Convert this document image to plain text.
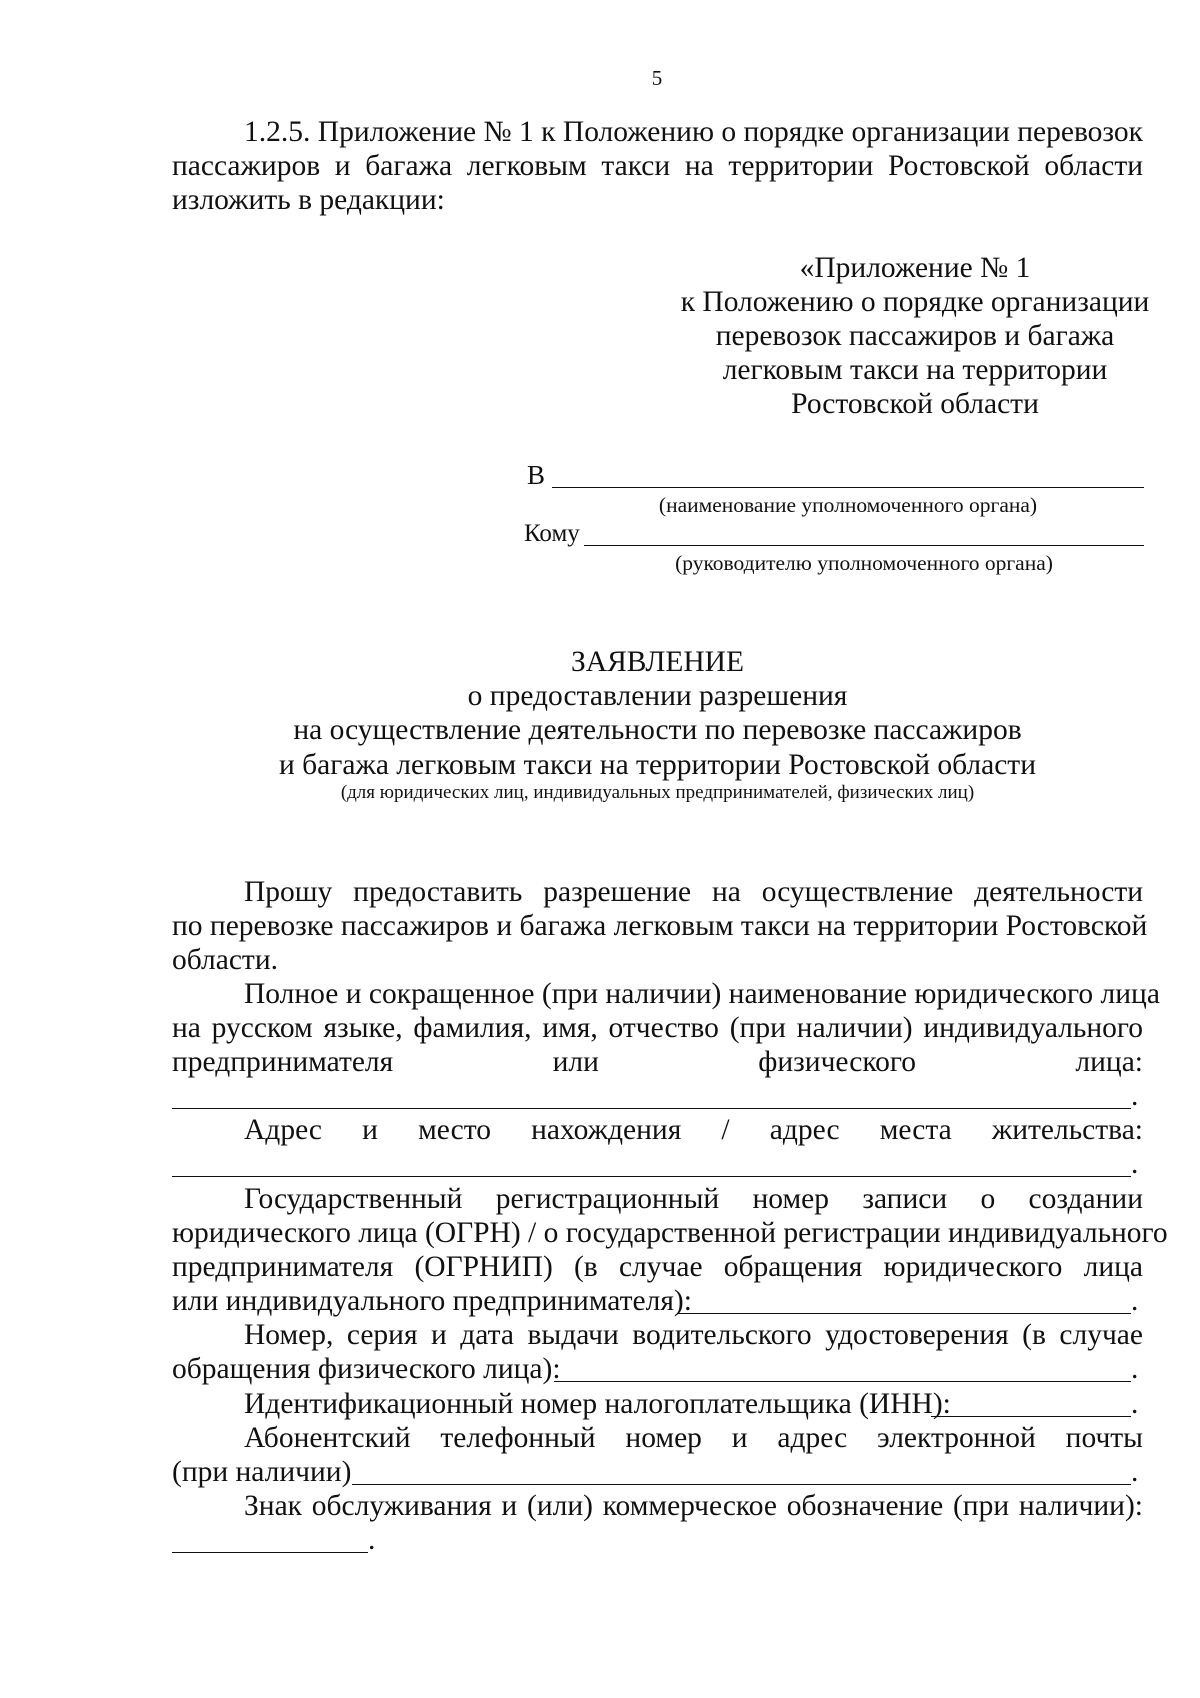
5
1.2.5. Приложение № 1 к Положению о порядке организации перевозок
пассажиров и багажа легковым такси на территории Ростовской области
изложить в редакции:
«Приложение № 1
к Положению о порядке организации
перевозок пассажиров и багажа
легковым такси на территории
Ростовской области
В
(наименование уполномоченного органа)
Кому
(руководителю уполномоченного органа)
ЗАЯВЛЕНИЕ
о предоставлении разрешения
на осуществление деятельности по перевозке пассажиров
и багажа легковым такси на территории Ростовской области
(для юридических лиц, индивидуальных предпринимателей, физических лиц)
Прошу предоставить разрешение на осуществление деятельности
по перевозке пассажиров и багажа легковым такси на территории Ростовской
области.
Полное и сокращенное (при наличии) наименование юридического лица
на русском языке, фамилия, имя, отчество (при наличии) индивидуального
предпринимателя или физического лица:
.
Адрес и место нахождения / адрес места жительства:
.
Государственный регистрационный номер записи о создании
юридического лица (ОГРН) / о государственной регистрации индивидуального
предпринимателя (ОГРНИП) (в случае обращения юридического лица
или индивидуального предпринимателя):	.
Номер, серия и дата выдачи водительского удостоверения (в случае
обращения физического лица):	.
Идентификационный номер налогоплательщика (ИНН):	.
Абонентский телефонный номер и адрес электронной почты
(при наличии)	.
Знак обслуживания и (или) коммерческое обозначение (при наличии):
.
